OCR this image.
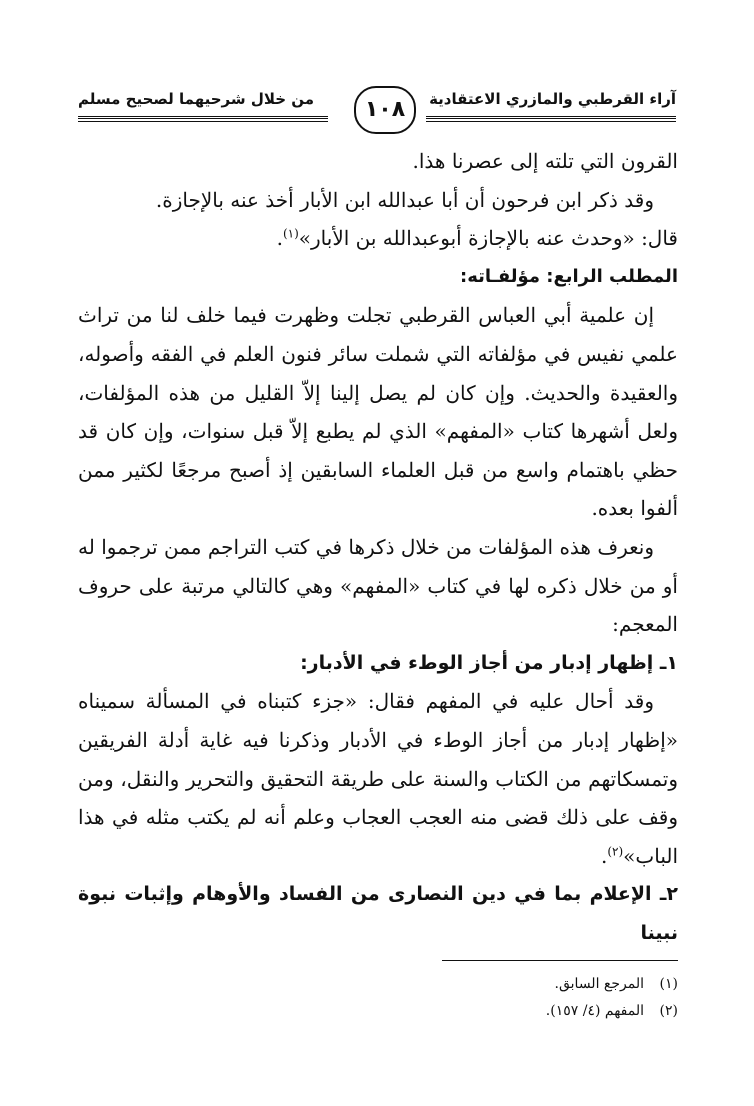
آراء القرطبي والمازري الاعتقادية
١٠٨
من خلال شرحيهما لصحيح مسلم

القرون التي تلته إلى عصرنا هذا.

وقد ذكر ابن فرحون أن أبا عبدالله ابن الأبار أخذ عنه بالإجازة.

قال: «وحدث عنه بالإجازة أبوعبدالله بن الأبار»$^{(١)}$.

المطلب الرابع: مؤلفـاته:

إن علمية أبي العباس القرطبي تجلت وظهرت فيما خلف لنا من تراث علمي نفيس في مؤلفاته التي شملت سائر فنون العلم في الفقه وأصوله، والعقيدة والحديث. وإن كان لم يصل إلينا إلاّ القليل من هذه المؤلفات، ولعل أشهرها كتاب «المفهم» الذي لم يطبع إلاّ قبل سنوات، وإن كان قد حظي باهتمام واسع من قبل العلماء السابقين إذ أصبح مرجعًا لكثير ممن ألفوا بعده.

ونعرف هذه المؤلفات من خلال ذكرها في كتب التراجم ممن ترجموا له أو من خلال ذكره لها في كتاب «المفهم» وهي كالتالي مرتبة على حروف المعجم:

١ـ إظهار إدبار من أجاز الوطء في الأدبار:

وقد أحال عليه في المفهم فقال: «جزء كتبناه في المسألة سميناه «إظهار إدبار من أجاز الوطء في الأدبار وذكرنا فيه غاية أدلة الفريقين وتمسكاتهم من الكتاب والسنة على طريقة التحقيق والتحرير والنقل، ومن وقف على ذلك قضى منه العجب العجاب وعلم أنه لم يكتب مثله في هذا الباب»$^{(٢)}$.

٢ـ الإعلام بما في دين النصارى من الفساد والأوهام وإثبات نبوة نبينا

(١)المرجع السابق.
(٢)المفهم (٤/ ١٥٧).
